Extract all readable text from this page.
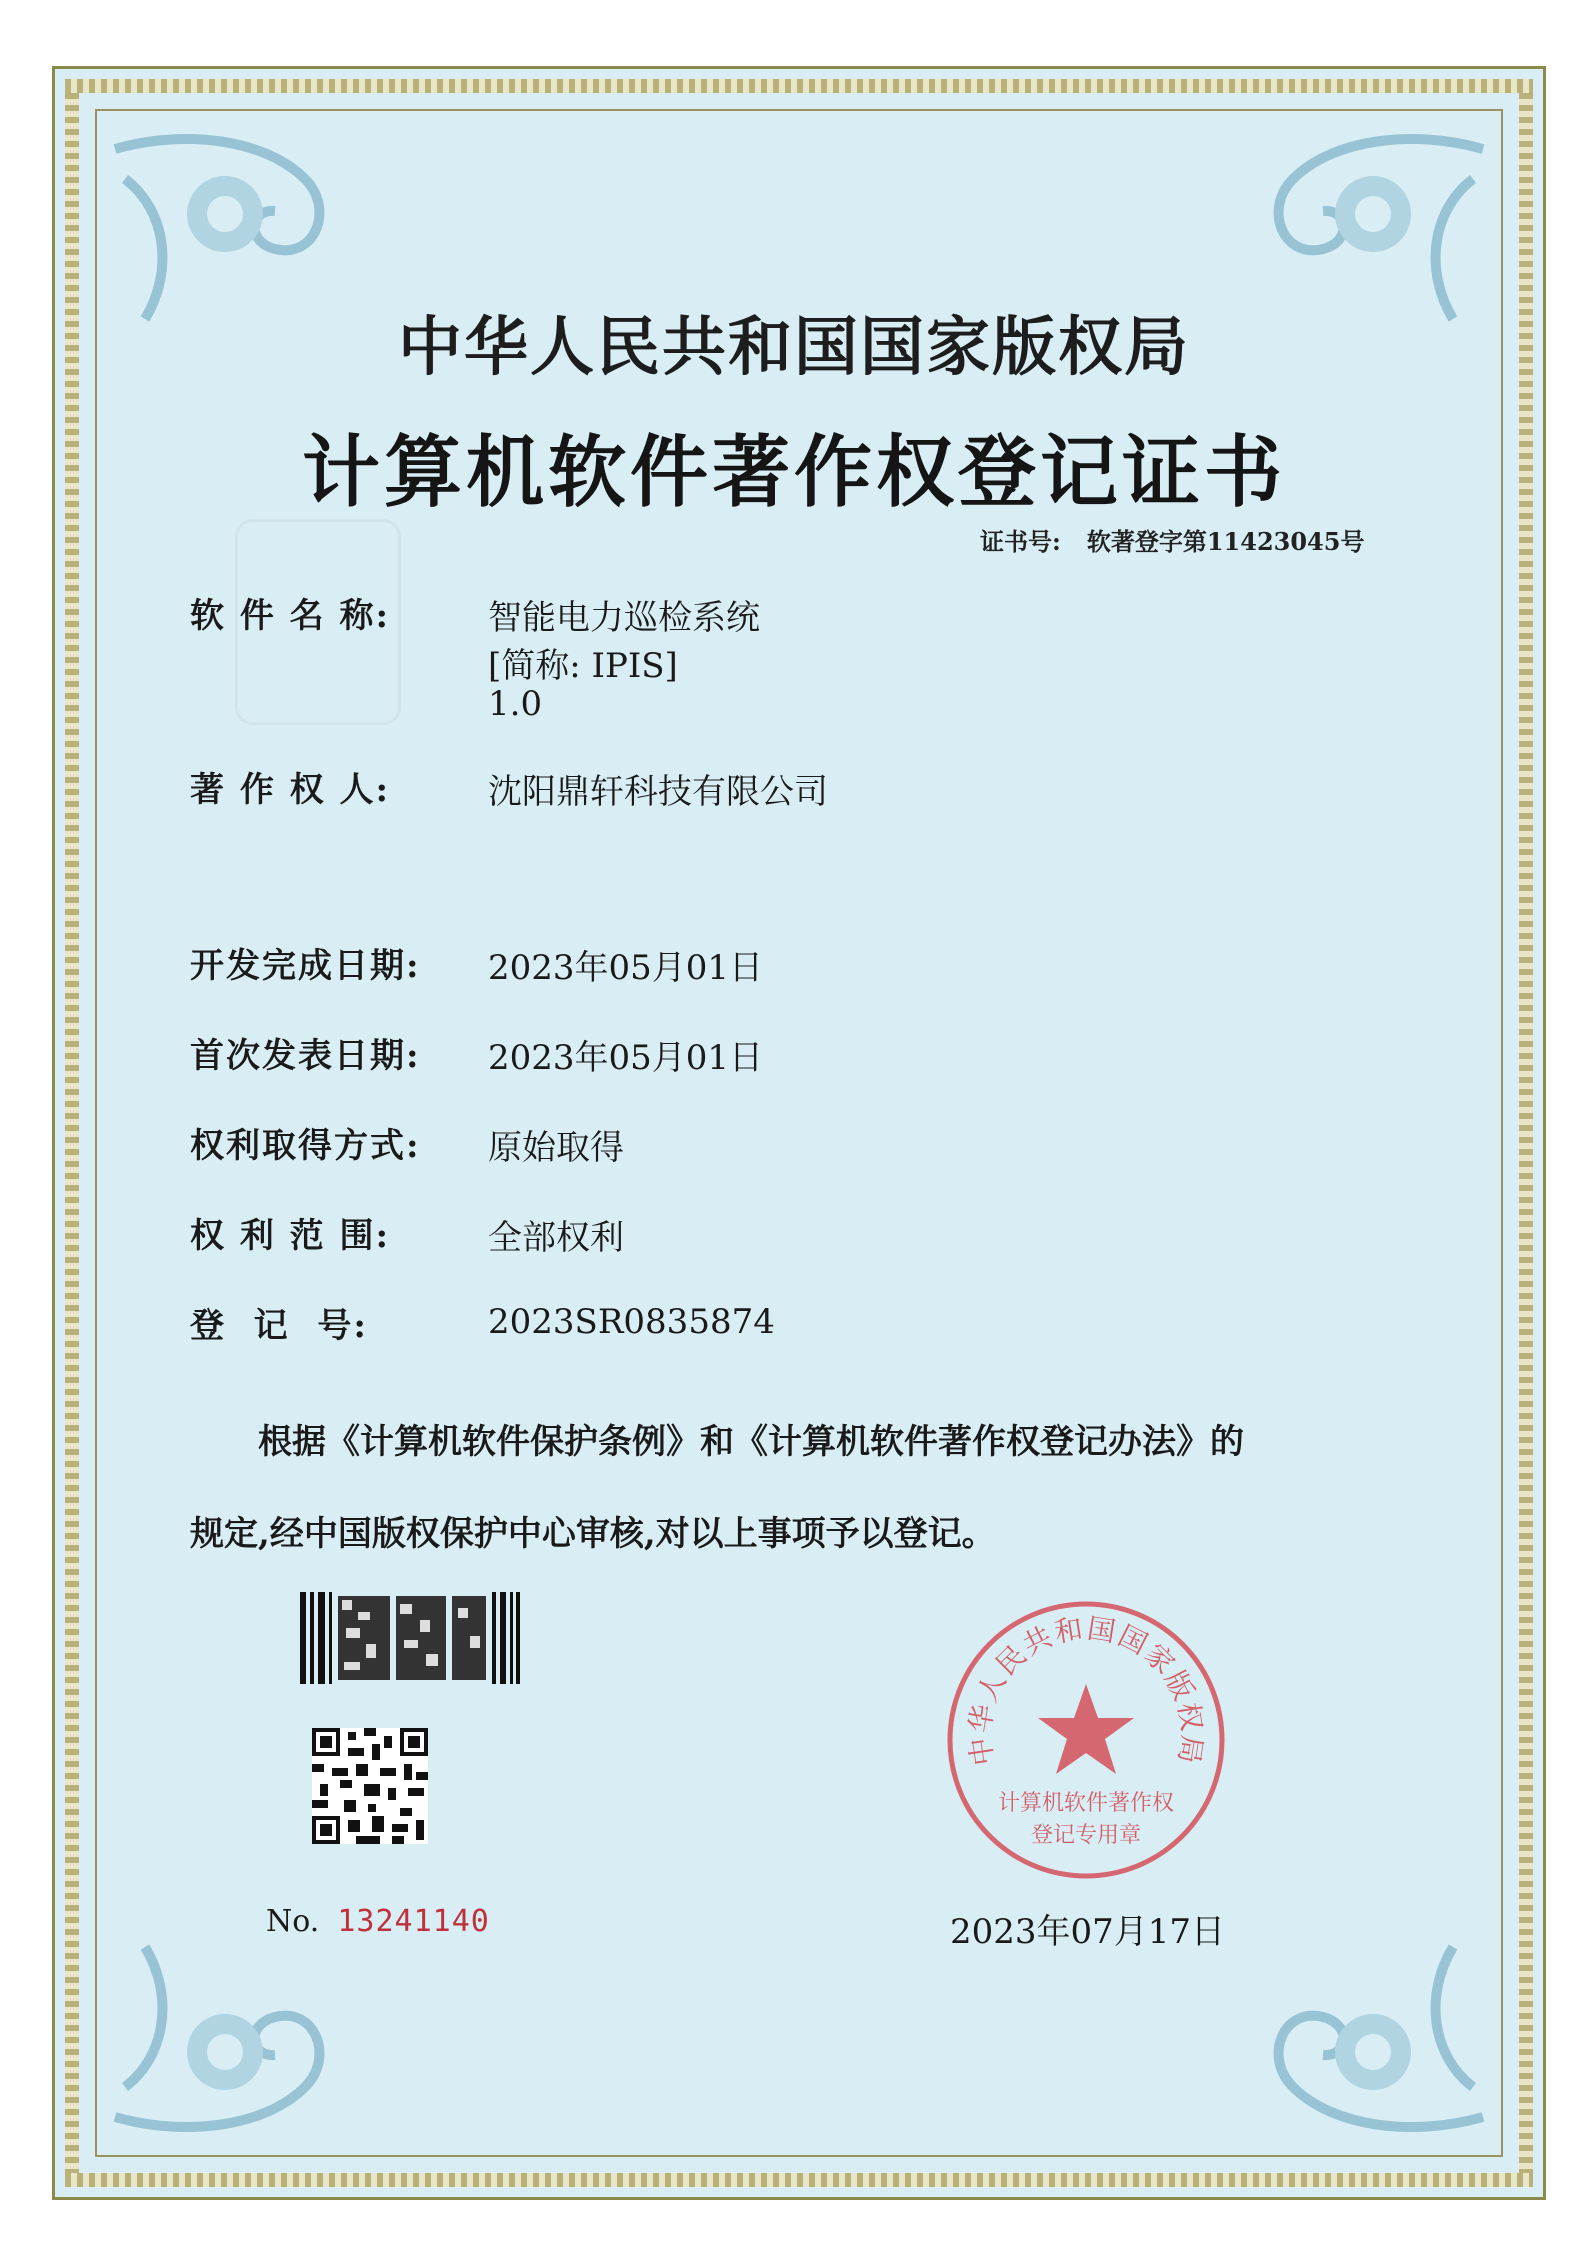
中华人民共和国国家版权局
计算机软件著作权登记证书
证书号: 软著登字第11423045号
软 件 名 称:	智能电力巡检系统
[简称: IPIS]
1.0
著 作 权 人:	沈阳鼎轩科技有限公司
开发完成日期: 2023年05月01日
首次发表日期: 2023年05月01日
权利取得方式: 原始取得
权 利 范 围:	全部权利
登  记  号:	2023SR0835874
根据《计算机软件保护条例》和《计算机软件著作权登记办法》的
规定,经中国版权保护中心审核,对以上事项予以登记。
No. 13241140
中华人民共和国国家版权局
计算机软件著作权
登记专用章
2023年07月17日
